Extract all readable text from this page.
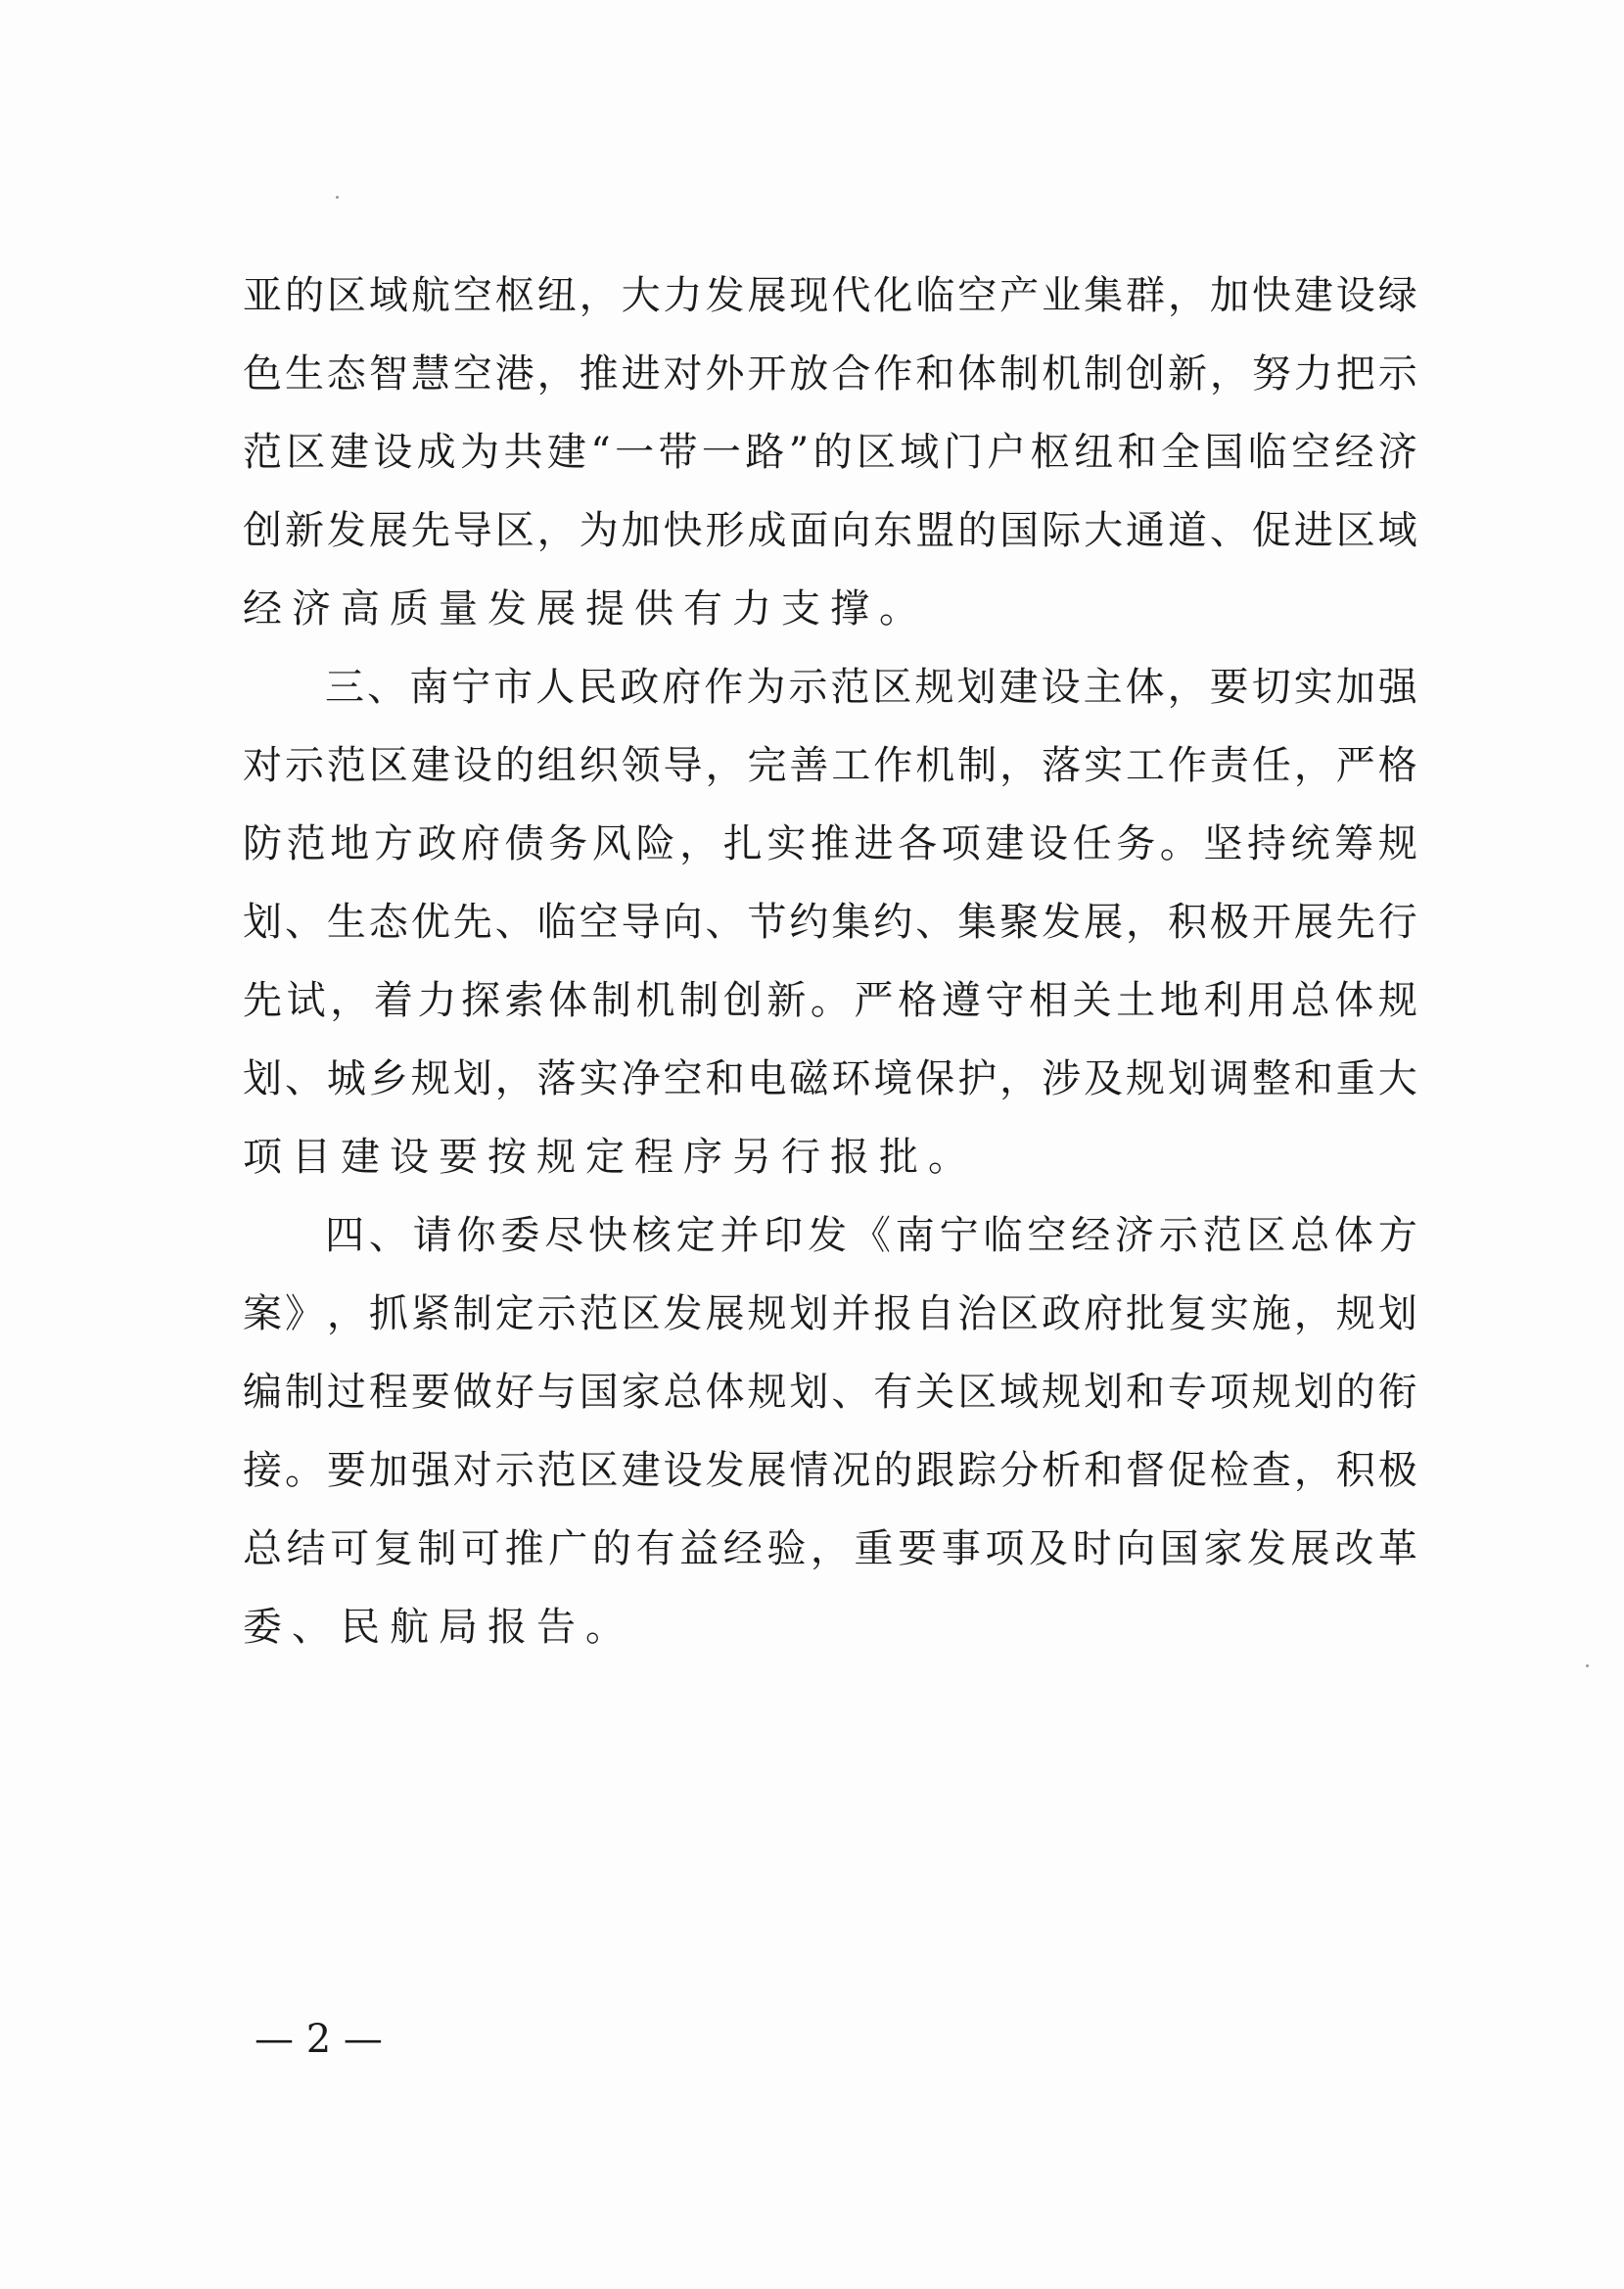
亚 的 区 域 航 空 枢 纽 ， 大 力 发 展 现 代 化 临 空 产 业 集 群 ， 加 快 建 设 绿
色 生 态 智 慧 空 港 ， 推 进 对 外 开 放 合 作 和 体 制 机 制 创 新 ， 努 力 把 示
范 区 建 设 成 为 共 建 “ 一 带 一 路 ” 的 区 域 门 户 枢 纽 和 全 国 临 空 经 济
创 新 发 展 先 导 区 ， 为 加 快 形 成 面 向 东 盟 的 国 际 大 通 道 、 促 进 区 域
经济高质量发展提供有力支撑。
三 、 南 宁 市 人 民 政 府 作 为 示 范 区 规 划 建 设 主 体 ， 要 切 实 加 强
对 示 范 区 建 设 的 组 织 领 导 ， 完 善 工 作 机 制 ， 落 实 工 作 责 任 ， 严 格
防 范 地 方 政 府 债 务 风 险 ， 扎 实 推 进 各 项 建 设 任 务 。 坚 持 统 筹 规
划 、 生 态 优 先 、 临 空 导 向 、 节 约 集 约 、 集 聚 发 展 ， 积 极 开 展 先 行
先 试 ， 着 力 探 索 体 制 机 制 创 新 。 严 格 遵 守 相 关 土 地 利 用 总 体 规
划 、 城 乡 规 划 ， 落 实 净 空 和 电 磁 环 境 保 护 ， 涉 及 规 划 调 整 和 重 大
项目建设要按规定程序另行报批。
四 、 请 你 委 尽 快 核 定 并 印 发 《 南 宁 临 空 经 济 示 范 区 总 体 方
案 》 ， 抓 紧 制 定 示 范 区 发 展 规 划 并 报 自 治 区 政 府 批 复 实 施 ， 规 划
编 制 过 程 要 做 好 与 国 家 总 体 规 划 、 有 关 区 域 规 划 和 专 项 规 划 的 衔
接 。 要 加 强 对 示 范 区 建 设 发 展 情 况 的 跟 踪 分 析 和 督 促 检 查 ， 积 极
总 结 可 复 制 可 推 广 的 有 益 经 验 ， 重 要 事 项 及 时 向 国 家 发 展 改 革
委、民航局报告。
— 2 —
